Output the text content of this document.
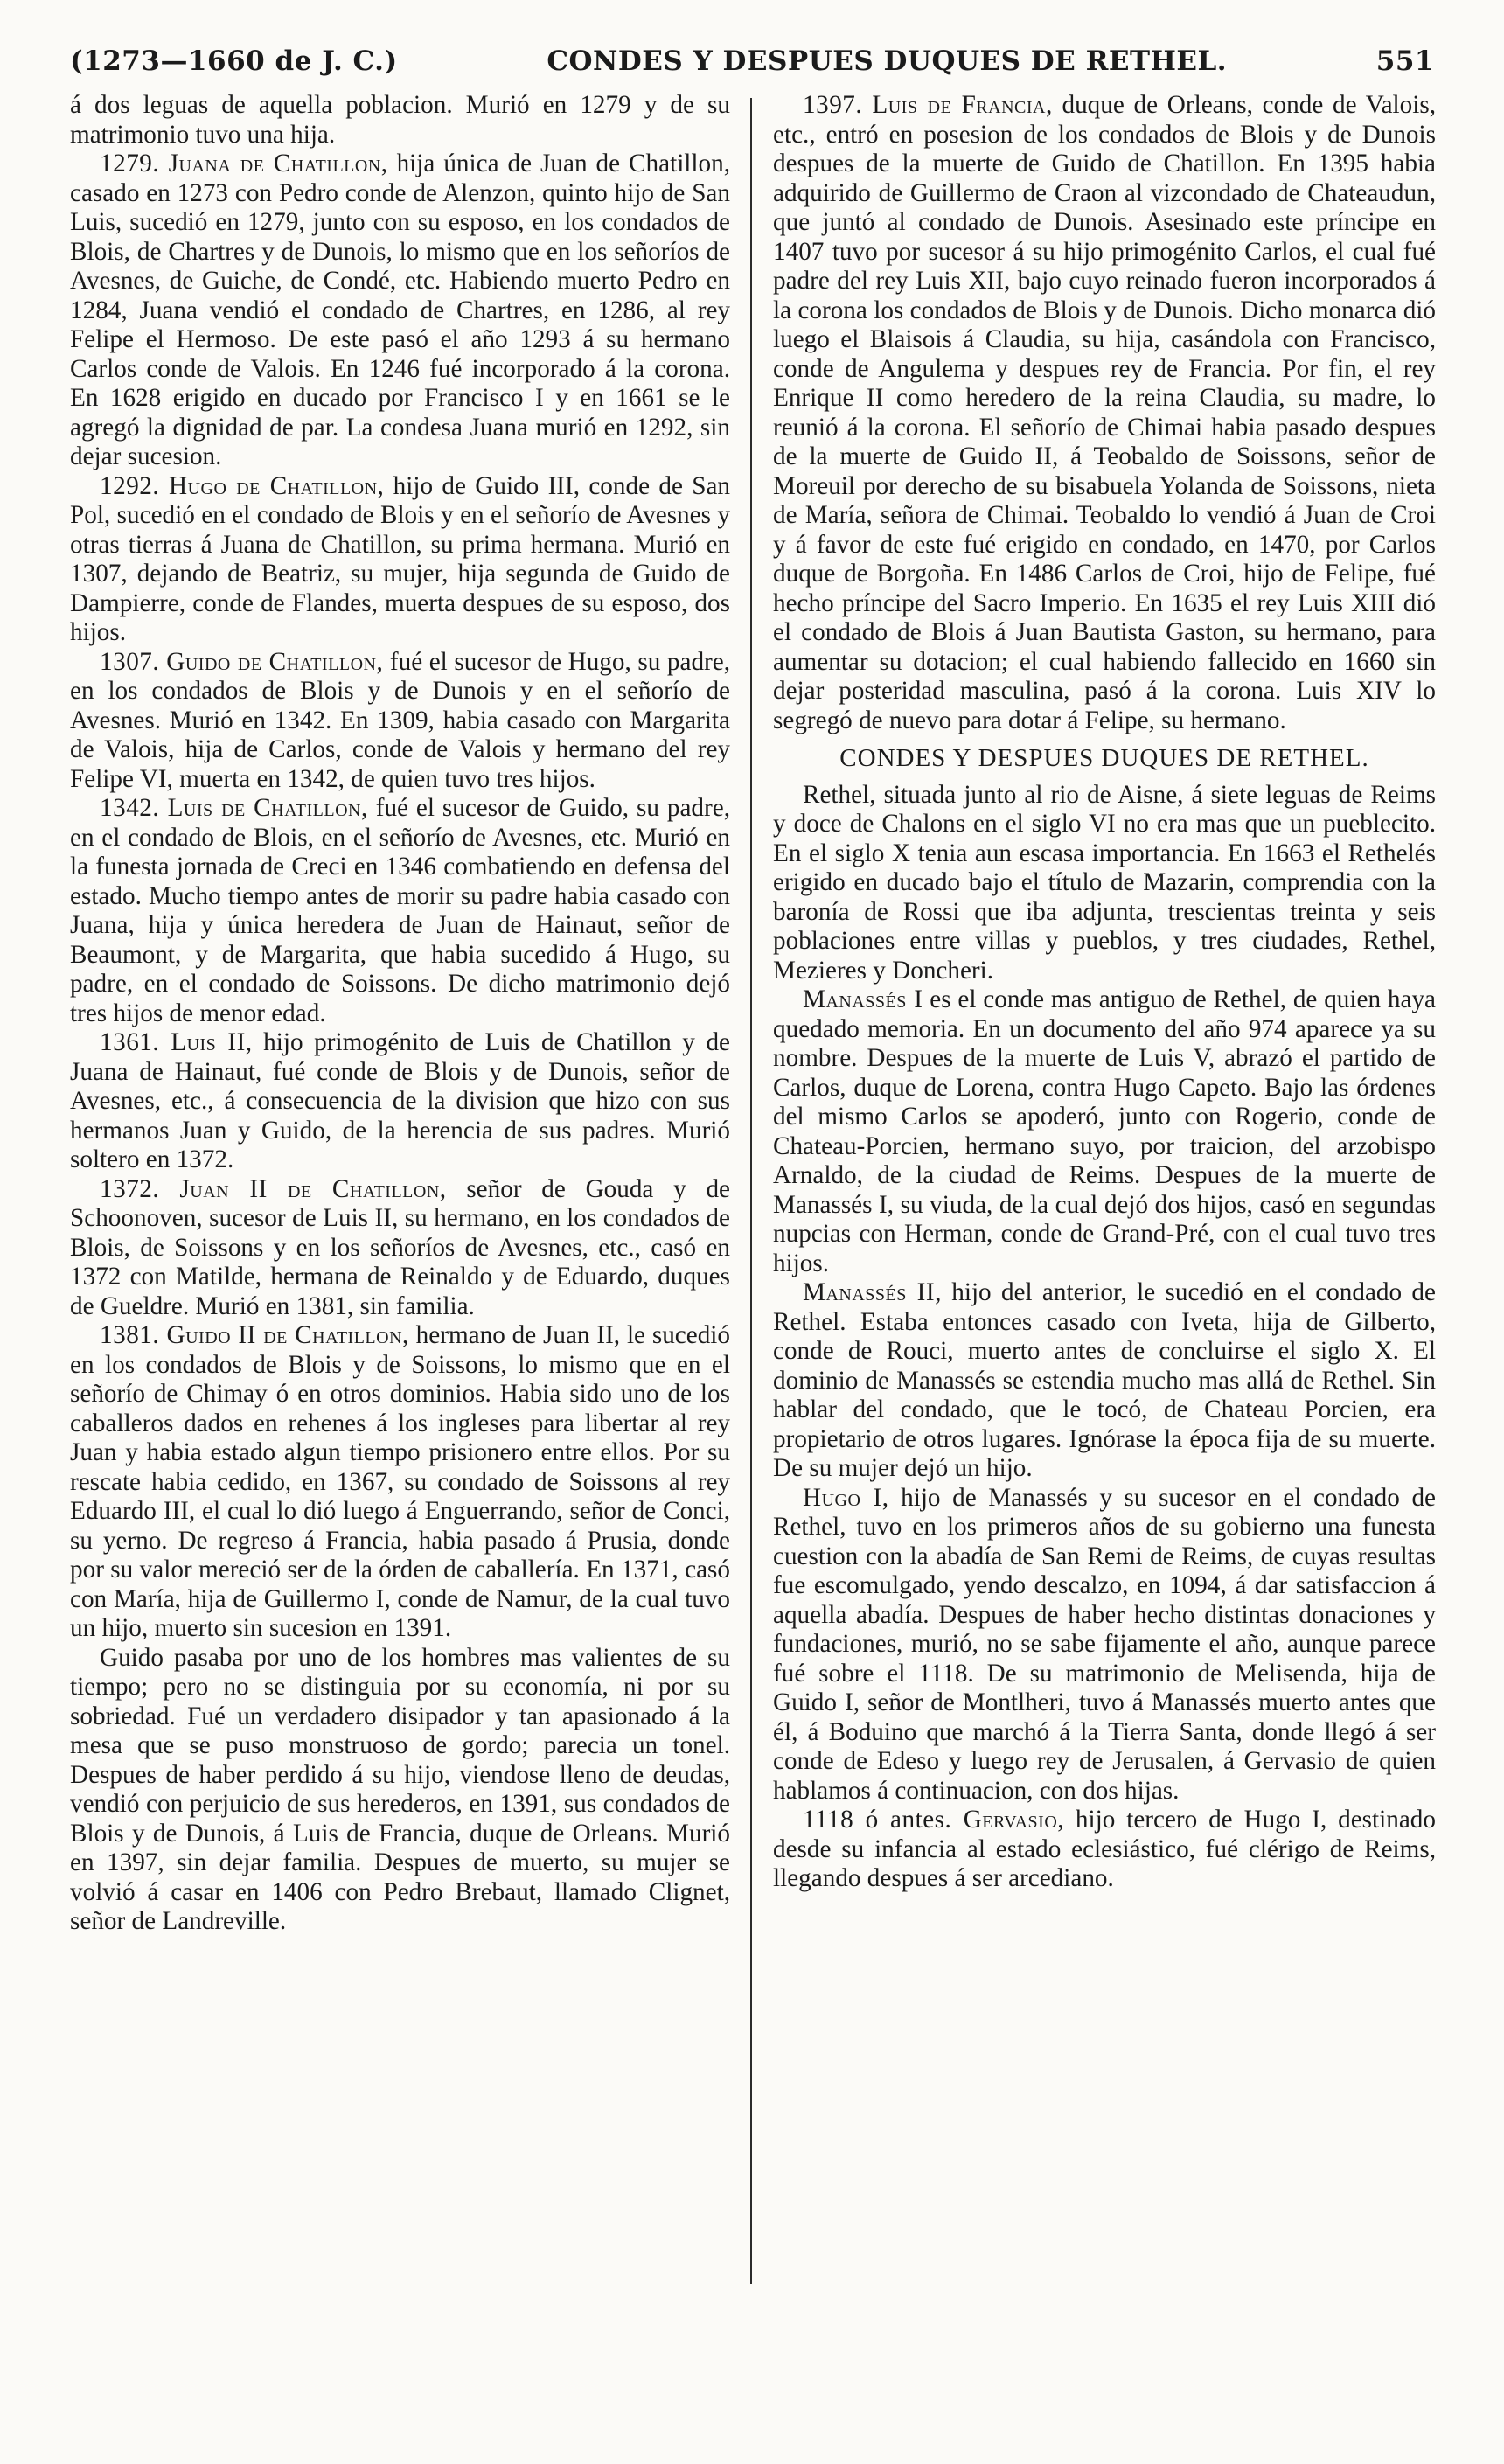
(1273—1660 de J. C.)	CONDES Y DESPUES DUQUES DE RETHEL.	551

á dos leguas de aquella poblacion. Murió en 1279 y de su matrimonio tuvo una hija.

1279. Juana de Chatillon, hija única de Juan de Chatillon, casado en 1273 con Pedro conde de Alenzon, quinto hijo de San Luis, sucedió en 1279, junto con su esposo, en los condados de Blois, de Chartres y de Dunois, lo mismo que en los señoríos de Avesnes, de Guiche, de Condé, etc. Habiendo muerto Pedro en 1284, Juana vendió el condado de Chartres, en 1286, al rey Felipe el Hermoso. De este pasó el año 1293 á su hermano Carlos conde de Valois. En 1246 fué incorporado á la corona. En 1628 erigido en ducado por Francisco I y en 1661 se le agregó la dignidad de par. La condesa Juana murió en 1292, sin dejar sucesion.

1292. Hugo de Chatillon, hijo de Guido III, conde de San Pol, sucedió en el condado de Blois y en el señorío de Avesnes y otras tierras á Juana de Chatillon, su prima hermana. Murió en 1307, dejando de Beatriz, su mujer, hija segunda de Guido de Dampierre, conde de Flandes, muerta despues de su esposo, dos hijos.

1307. Guido de Chatillon, fué el sucesor de Hugo, su padre, en los condados de Blois y de Dunois y en el señorío de Avesnes. Murió en 1342. En 1309, habia casado con Margarita de Valois, hija de Carlos, conde de Valois y hermano del rey Felipe VI, muerta en 1342, de quien tuvo tres hijos.

1342. Luis de Chatillon, fué el sucesor de Guido, su padre, en el condado de Blois, en el señorío de Avesnes, etc. Murió en la funesta jornada de Creci en 1346 combatiendo en defensa del estado. Mucho tiempo antes de morir su padre habia casado con Juana, hija y única heredera de Juan de Hainaut, señor de Beaumont, y de Margarita, que habia sucedido á Hugo, su padre, en el condado de Soissons. De dicho matrimonio dejó tres hijos de menor edad.

1361. Luis II, hijo primogénito de Luis de Chatillon y de Juana de Hainaut, fué conde de Blois y de Dunois, señor de Avesnes, etc., á consecuencia de la division que hizo con sus hermanos Juan y Guido, de la herencia de sus padres. Murió soltero en 1372.

1372. Juan II de Chatillon, señor de Gouda y de Schoonoven, sucesor de Luis II, su hermano, en los condados de Blois, de Soissons y en los señoríos de Avesnes, etc., casó en 1372 con Matilde, hermana de Reinaldo y de Eduardo, duques de Gueldre. Murió en 1381, sin familia.

1381. Guido II de Chatillon, hermano de Juan II, le sucedió en los condados de Blois y de Soissons, lo mismo que en el señorío de Chimay ó en otros dominios. Habia sido uno de los caballeros dados en rehenes á los ingleses para libertar al rey Juan y habia estado algun tiempo prisionero entre ellos. Por su rescate habia cedido, en 1367, su condado de Soissons al rey Eduardo III, el cual lo dió luego á Enguerrando, señor de Conci, su yerno. De regreso á Francia, habia pasado á Prusia, donde por su valor mereció ser de la órden de caballería. En 1371, casó con María, hija de Guillermo I, conde de Namur, de la cual tuvo un hijo, muerto sin sucesion en 1391.

Guido pasaba por uno de los hombres mas valientes de su tiempo; pero no se distinguia por su economía, ni por su sobriedad. Fué un verdadero disipador y tan apasionado á la mesa que se puso monstruoso de gordo; parecia un tonel. Despues de haber perdido á su hijo, viendose lleno de deudas, vendió con perjuicio de sus herederos, en 1391, sus condados de Blois y de Dunois, á Luis de Francia, duque de Orleans. Murió en 1397, sin dejar familia. Despues de muerto, su mujer se volvió á casar en 1406 con Pedro Brebaut, llamado Clignet, señor de Landreville.

1397. Luis de Francia, duque de Orleans, conde de Valois, etc., entró en posesion de los condados de Blois y de Dunois despues de la muerte de Guido de Chatillon. En 1395 habia adquirido de Guillermo de Craon al vizcondado de Chateaudun, que juntó al condado de Dunois. Asesinado este príncipe en 1407 tuvo por sucesor á su hijo primogénito Carlos, el cual fué padre del rey Luis XII, bajo cuyo reinado fueron incorporados á la corona los condados de Blois y de Dunois. Dicho monarca dió luego el Blaisois á Claudia, su hija, casándola con Francisco, conde de Angulema y despues rey de Francia. Por fin, el rey Enrique II como heredero de la reina Claudia, su madre, lo reunió á la corona. El señorío de Chimai habia pasado despues de la muerte de Guido II, á Teobaldo de Soissons, señor de Moreuil por derecho de su bisabuela Yolanda de Soissons, nieta de María, señora de Chimai. Teobaldo lo vendió á Juan de Croi y á favor de este fué erigido en condado, en 1470, por Carlos duque de Borgoña. En 1486 Carlos de Croi, hijo de Felipe, fué hecho príncipe del Sacro Imperio. En 1635 el rey Luis XIII dió el condado de Blois á Juan Bautista Gaston, su hermano, para aumentar su dotacion; el cual habiendo fallecido en 1660 sin dejar posteridad masculina, pasó á la corona. Luis XIV lo segregó de nuevo para dotar á Felipe, su hermano.

CONDES Y DESPUES DUQUES DE RETHEL.

Rethel, situada junto al rio de Aisne, á siete leguas de Reims y doce de Chalons en el siglo VI no era mas que un pueblecito. En el siglo X tenia aun escasa importancia. En 1663 el Rethelés erigido en ducado bajo el título de Mazarin, comprendia con la baronía de Rossi que iba adjunta, trescientas treinta y seis poblaciones entre villas y pueblos, y tres ciudades, Rethel, Mezieres y Doncheri.

Manassés I es el conde mas antiguo de Rethel, de quien haya quedado memoria. En un documento del año 974 aparece ya su nombre. Despues de la muerte de Luis V, abrazó el partido de Carlos, duque de Lorena, contra Hugo Capeto. Bajo las órdenes del mismo Carlos se apoderó, junto con Rogerio, conde de Chateau-Porcien, hermano suyo, por traicion, del arzobispo Arnaldo, de la ciudad de Reims. Despues de la muerte de Manassés I, su viuda, de la cual dejó dos hijos, casó en segundas nupcias con Herman, conde de Grand-Pré, con el cual tuvo tres hijos.

Manassés II, hijo del anterior, le sucedió en el condado de Rethel. Estaba entonces casado con Iveta, hija de Gilberto, conde de Rouci, muerto antes de concluirse el siglo X. El dominio de Manassés se estendia mucho mas allá de Rethel. Sin hablar del condado, que le tocó, de Chateau Porcien, era propietario de otros lugares. Ignórase la época fija de su muerte. De su mujer dejó un hijo.

Hugo I, hijo de Manassés y su sucesor en el condado de Rethel, tuvo en los primeros años de su gobierno una funesta cuestion con la abadía de San Remi de Reims, de cuyas resultas fue escomulgado, yendo descalzo, en 1094, á dar satisfaccion á aquella abadía. Despues de haber hecho distintas donaciones y fundaciones, murió, no se sabe fijamente el año, aunque parece fué sobre el 1118. De su matrimonio de Melisenda, hija de Guido I, señor de Montlheri, tuvo á Manassés muerto antes que él, á Boduino que marchó á la Tierra Santa, donde llegó á ser conde de Edeso y luego rey de Jerusalen, á Gervasio de quien hablamos á continuacion, con dos hijas.

1118 ó antes. Gervasio, hijo tercero de Hugo I, destinado desde su infancia al estado eclesiástico, fué clérigo de Reims, llegando despues á ser arcediano.
